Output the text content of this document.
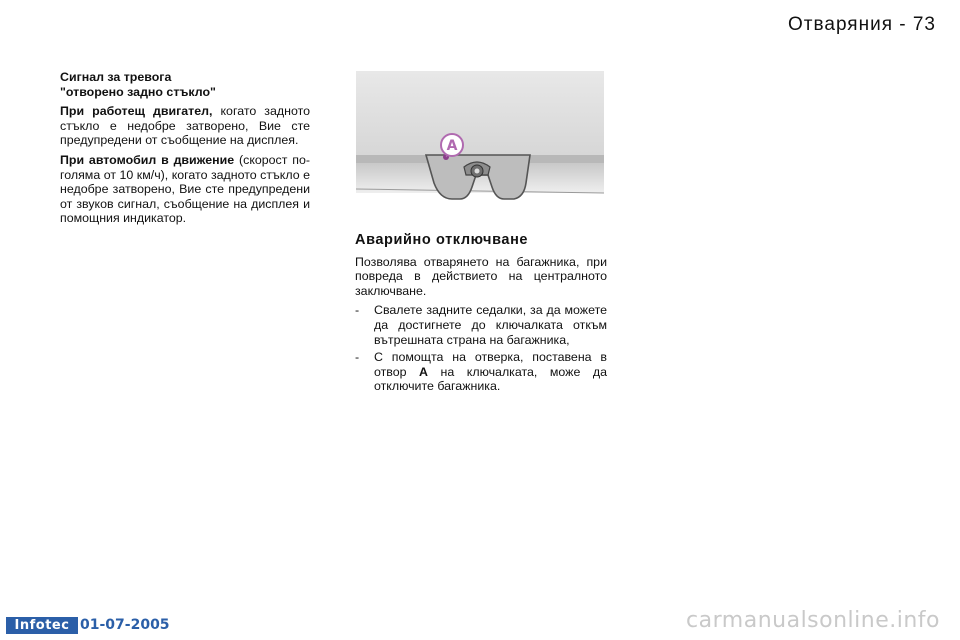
Отваряния - 73
Сигнал за тревога
"отворено задно стъкло"

При работещ двигател, когато задното стъкло е недобре затворено, Вие сте предупредени от съобщение на дисплея.

При автомобил в движение (скорост по-голяма от 10 км/ч), когато задното стъкло е недобре затворено, Вие сте предупредени от звуков сигнал, съобщение на дисплея и помощния индикатор.

A
Аварийно отключване

Позволява отварянето на багажника, при повреда в действието на централното заключване.

- Свалете задните седалки, за да можете да достигнете до ключалката откъм вътрешната страна на багажника,
- С помощта на отверка, поставена в отвор A на ключалката, може да отключите багажника.
Infotec 01-07-2005	carmanualsonline.info
